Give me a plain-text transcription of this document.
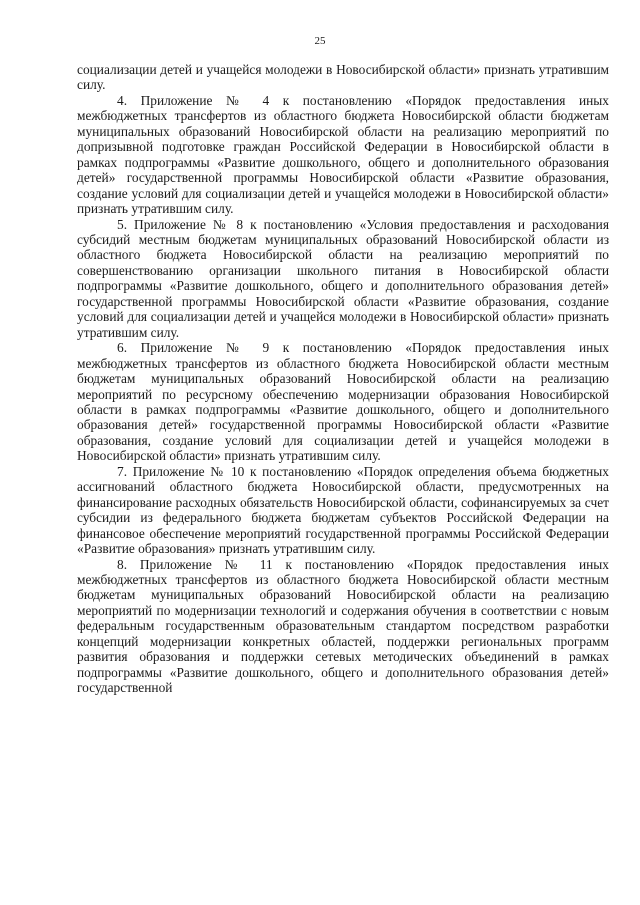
25

социализации детей и учащейся молодежи в Новосибирской области» признать утратившим силу.

4. Приложение № 4 к постановлению «Порядок предоставления иных межбюджетных трансфертов из областного бюджета Новосибирской области бюджетам муниципальных образований Новосибирской области на реализацию мероприятий по допризывной подготовке граждан Российской Федерации в Новосибирской области в рамках подпрограммы «Развитие дошкольного, общего и дополнительного образования детей» государственной программы Новосибирской области «Развитие образования, создание условий для социализации детей и учащейся молодежи в Новосибирской области» признать утратившим силу.

5. Приложение № 8 к постановлению «Условия предоставления и расходования субсидий местным бюджетам муниципальных образований Новосибирской области из областного бюджета Новосибирской области на реализацию мероприятий по совершенствованию организации школьного питания в Новосибирской области подпрограммы «Развитие дошкольного, общего и дополнительного образования детей» государственной программы Новосибирской области «Развитие образования, создание условий для социализации детей и учащейся молодежи в Новосибирской области» признать утратившим силу.

6. Приложение № 9 к постановлению «Порядок предоставления иных межбюджетных трансфертов из областного бюджета Новосибирской области местным бюджетам муниципальных образований Новосибирской области на реализацию мероприятий по ресурсному обеспечению модернизации образования Новосибирской области в рамках подпрограммы «Развитие дошкольного, общего и дополнительного образования детей» государственной программы Новосибирской области «Развитие образования, создание условий для социализации детей и учащейся молодежи в Новосибирской области» признать утратившим силу.

7. Приложение № 10 к постановлению «Порядок определения объема бюджетных ассигнований областного бюджета Новосибирской области, предусмотренных на финансирование расходных обязательств Новосибирской области, софинансируемых за счет субсидии из федерального бюджета бюджетам субъектов Российской Федерации на финансовое обеспечение мероприятий государственной программы Российской Федерации «Развитие образования» признать утратившим силу.

8. Приложение № 11 к постановлению «Порядок предоставления иных межбюджетных трансфертов из областного бюджета Новосибирской области местным бюджетам муниципальных образований Новосибирской области на реализацию мероприятий по модернизации технологий и содержания обучения в соответствии с новым федеральным государственным образовательным стандартом посредством разработки концепций модернизации конкретных областей, поддержки региональных программ развития образования и поддержки сетевых методических объединений в рамках подпрограммы «Развитие дошкольного, общего и дополнительного образования детей» государственной
